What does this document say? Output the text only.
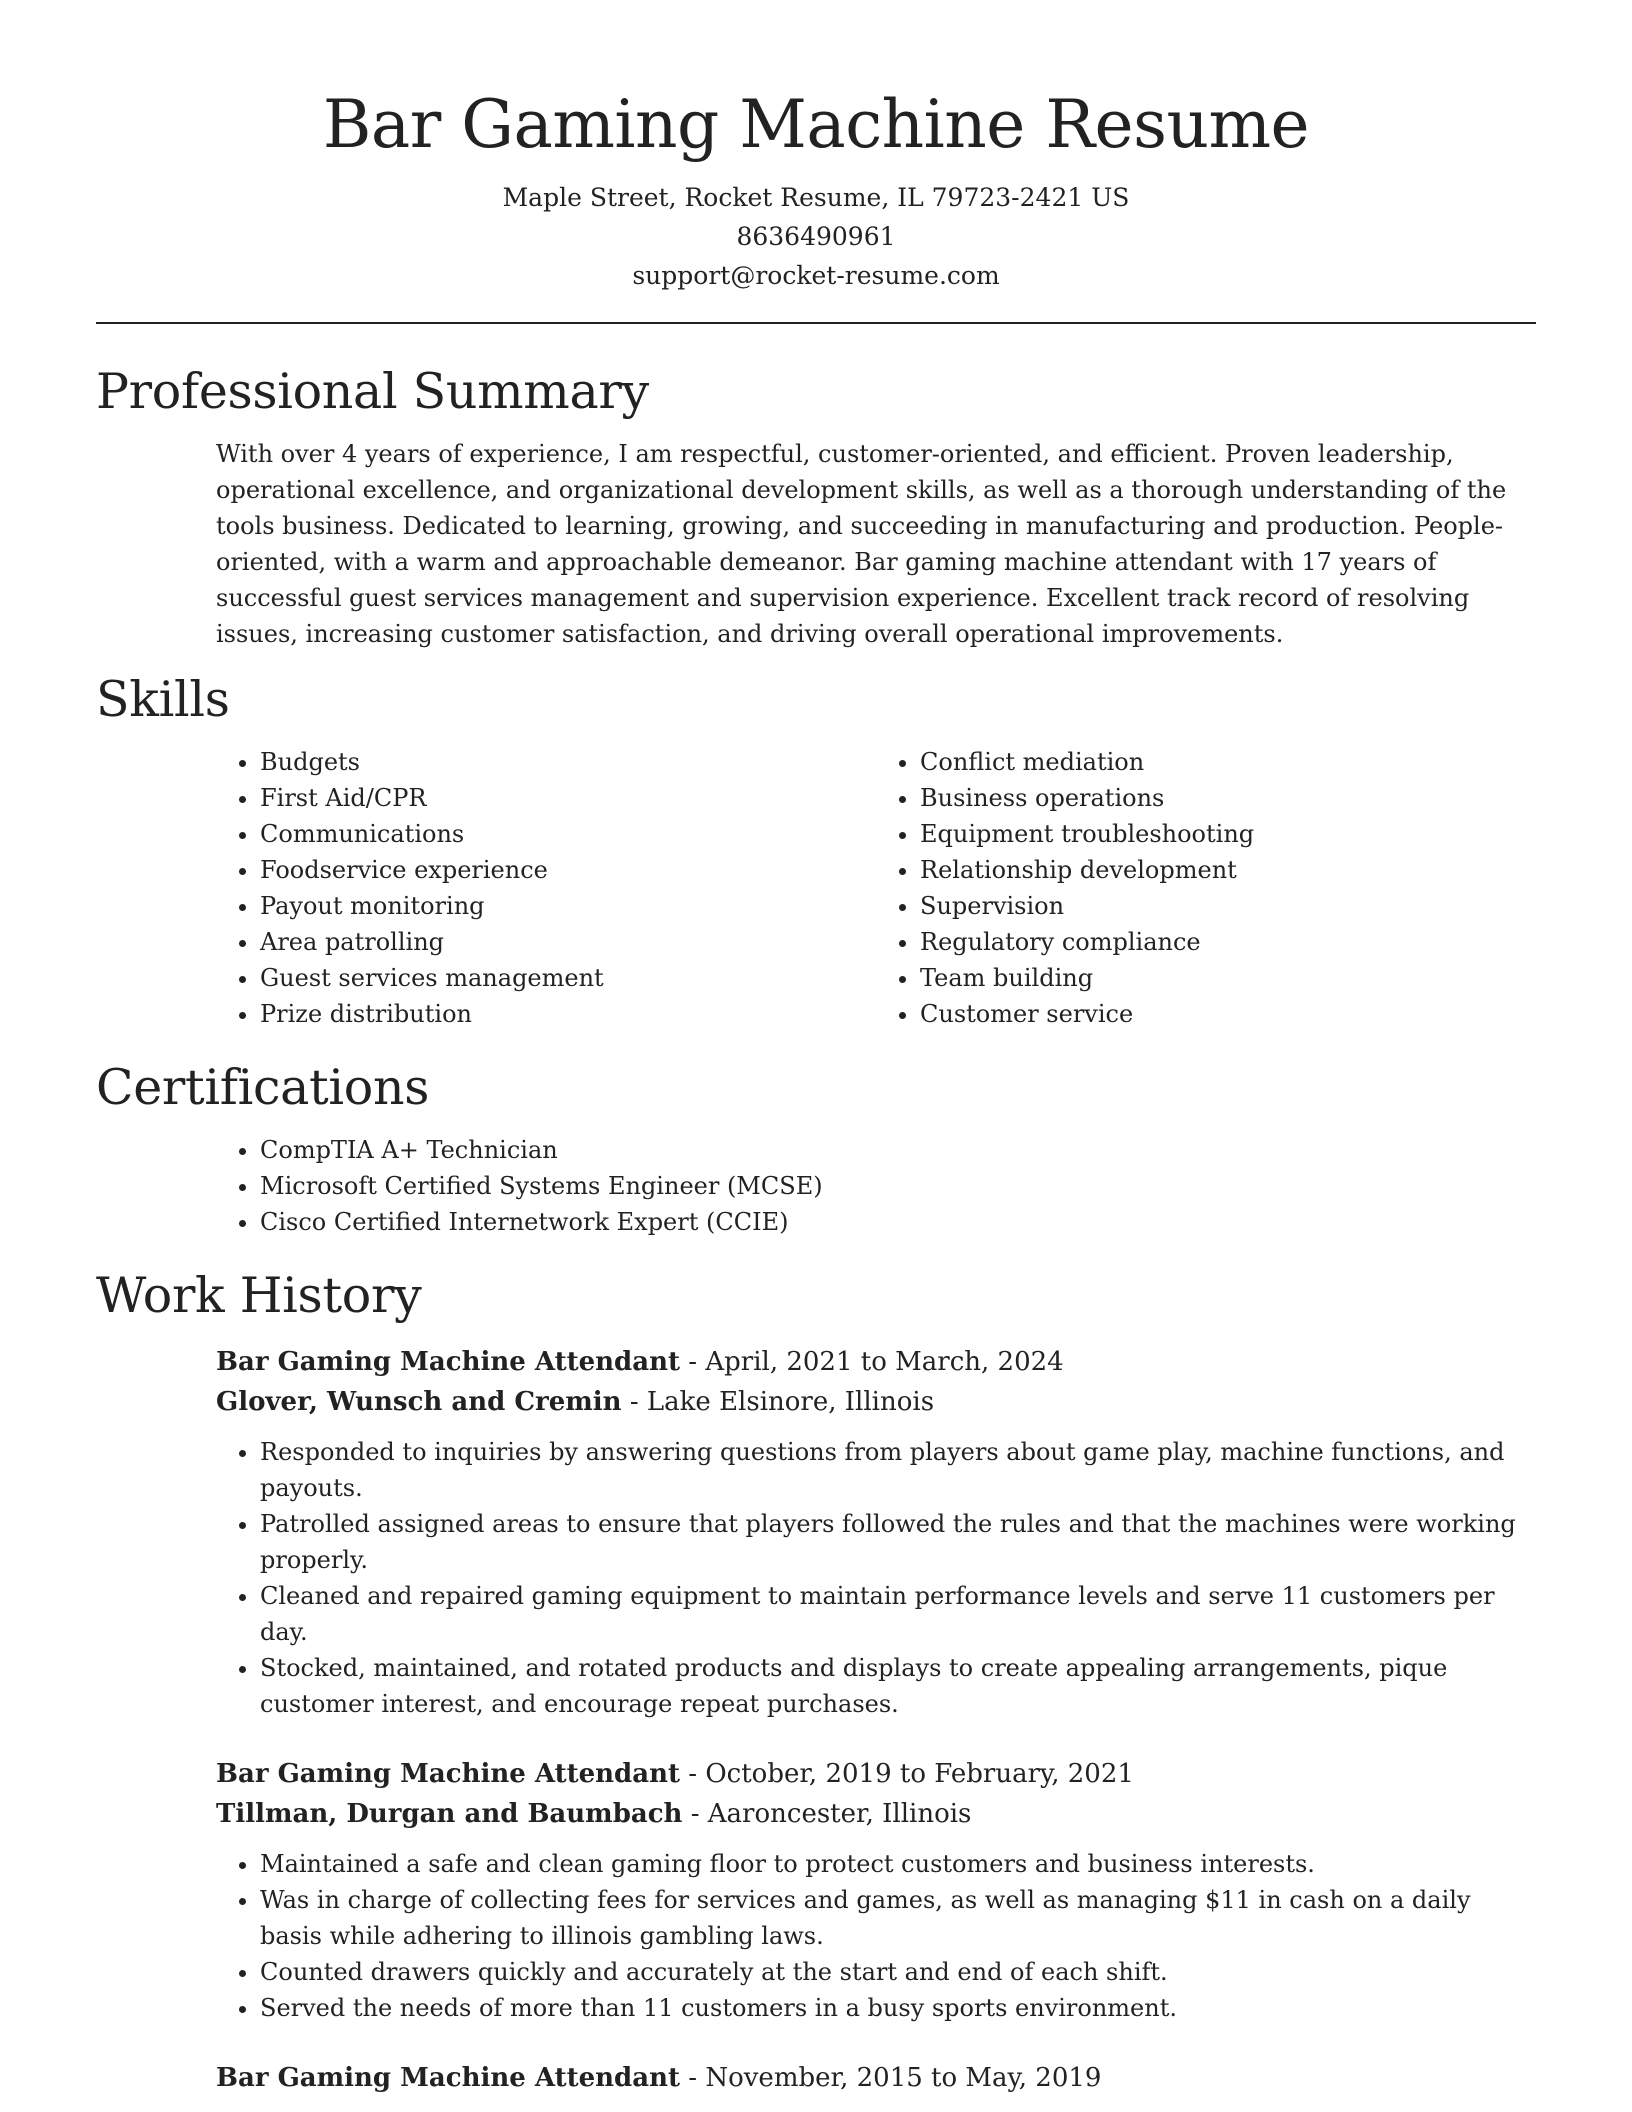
Bar Gaming Machine Resume
Maple Street, Rocket Resume, IL 79723-2421 US
8636490961
support@rocket-resume.com
Professional Summary

With over 4 years of experience, I am respectful, customer-oriented, and efficient. Proven leadership, operational excellence, and organizational development skills, as well as a thorough understanding of the tools business. Dedicated to learning, growing, and succeeding in manufacturing and production. People-oriented, with a warm and approachable demeanor. Bar gaming machine attendant with 17 years of successful guest services management and supervision experience. Excellent track record of resolving issues, increasing customer satisfaction, and driving overall operational improvements.

Skills
• Budgets
• First Aid/CPR
• Communications
• Foodservice experience
• Payout monitoring
• Area patrolling
• Guest services management
• Prize distribution
• Conflict mediation
• Business operations
• Equipment troubleshooting
• Relationship development
• Supervision
• Regulatory compliance
• Team building
• Customer service
Certifications
• CompTIA A+ Technician
• Microsoft Certified Systems Engineer (MCSE)
• Cisco Certified Internetwork Expert (CCIE)
Work History
Bar Gaming Machine Attendant - April, 2021 to March, 2024
Glover, Wunsch and Cremin - Lake Elsinore, Illinois
• Responded to inquiries by answering questions from players about game play, machine functions, and payouts.
• Patrolled assigned areas to ensure that players followed the rules and that the machines were working properly.
• Cleaned and repaired gaming equipment to maintain performance levels and serve 11 customers per day.
• Stocked, maintained, and rotated products and displays to create appealing arrangements, pique customer interest, and encourage repeat purchases.
Bar Gaming Machine Attendant - October, 2019 to February, 2021
Tillman, Durgan and Baumbach - Aaroncester, Illinois
• Maintained a safe and clean gaming floor to protect customers and business interests.
• Was in charge of collecting fees for services and games, as well as managing $11 in cash on a daily basis while adhering to illinois gambling laws.
• Counted drawers quickly and accurately at the start and end of each shift.
• Served the needs of more than 11 customers in a busy sports environment.
Bar Gaming Machine Attendant - November, 2015 to May, 2019
